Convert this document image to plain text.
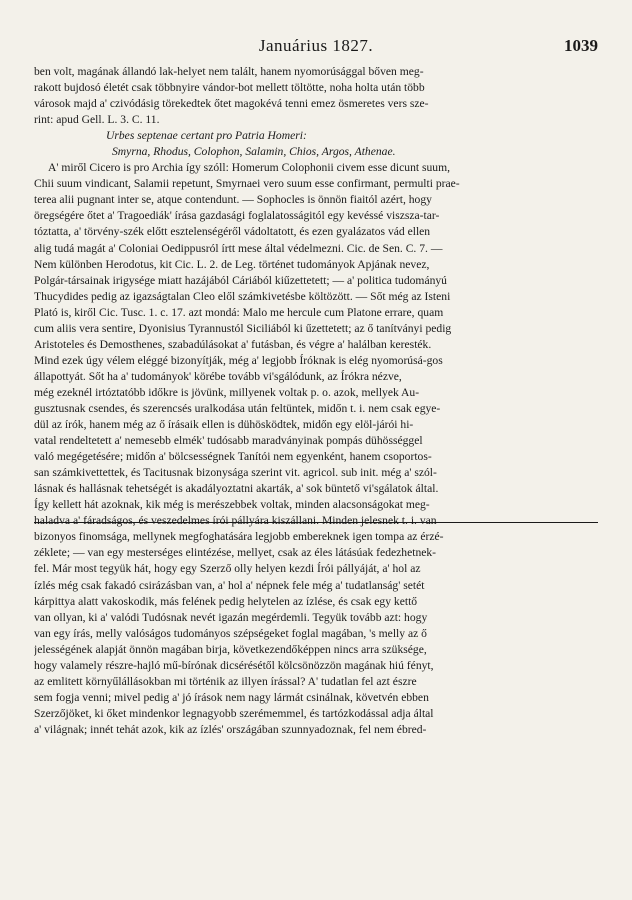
Januárius 1827.	1039
ben volt, magának állandó lak-helyet nem talált, hanem nyomorúsággal bőven meg-
rakott bujdosó életét csak többnyire vándor-bot mellett töltötte, noha holta után több
városok majd a' czivódásig törekedtek őtet magokévá tenni emez ösmeretes vers sze-
rint: apud Gell. L. 3. C. 11.
Urbes septenae certant pro Patria Homeri:
Smyrna, Rhodus, Colophon, Salamin, Chios, Argos, Athenae.
A' miről Cicero is pro Archia így szóll: Homerum Colophonii civem esse dicunt suum,
Chii suum vindicant, Salamii repetunt, Smyrnaei vero suum esse confirmant, permulti prae-
terea alii pugnant inter se, atque contendunt. — Sophocles is önnön fiaitól azért, hogy
öregségére őtet a' Tragoediák' írása gazdasági foglalatosságitól egy kevéssé viszsza-tar-
tóztatta, a' törvény-szék előtt esztelenségéről vádoltatott, és ezen gyalázatos vád ellen
alig tudá magát a' Coloniai Oedippusról írtt mese által védelmezni. Cic. de Sen. C. 7. —
Nem különben Herodotus, kit Cic. L. 2. de Leg. történet tudományok Apjának nevez,
Polgár-társainak irigysége miatt hazájából Cáriából kiűzettetett; — a' politica tudományú
Thucydides pedig az igazságtalan Cleo elől számkivetésbe költözött. — Sőt még az Isteni
Plató is, kiről Cic. Tusc. 1. c. 17. azt mondá: Malo me hercule cum Platone errare, quam
cum aliis vera sentire, Dyonisius Tyrannustól Siciliából ki űzettetett; az ő tanítványi pedig
Aristoteles és Demosthenes, szabadúlásokat a' futásban, és végre a' halálban keresték.
Mind ezek úgy vélem eléggé bizonyítják, még a' legjobb Íróknak is elég nyomorúsá-gos
állapottyát. Sőt ha a' tudományok' körébe tovább vi'sgálódunk, az Írókra nézve,
még ezeknél irtóztatóbb időkre is jövünk, millyenek voltak p. o. azok, mellyek Au-
gusztusnak csendes, és szerencsés uralkodása után feltüntek, midőn t. i. nem csak egye-
dül az írók, hanem még az ő írásaik ellen is dühösködtek, midőn egy elöl-járói hi-
vatal rendeltetett a' nemesebb elmék' tudósabb maradványinak pompás dühösséggel
való megégetésére; midőn a' bölcsességnek Tanítói nem egyenként, hanem csoportos-
san számkivettettek, és Tacitusnak bizonysága szerint vit. agricol. sub init. még a' szól-
lásnak és hallásnak tehetségét is akadályoztatni akarták, a' sok büntető vi'sgálatok által.
Így kellett hát azoknak, kik még is merészebbek voltak, minden alacsonságokat meg-
haladva a' fáradságos, és veszedelmes írói pállyára kiszállani. Minden jelesnek t. i. van
bizonyos finomsága, mellynek megfoghatására legjobb embereknek igen tompa az érzé-
zéklete; — van egy mesterséges elintézése, mellyet, csak az éles látásúak fedezhetnek-
fel. Már most tegyük hát, hogy egy Szerző olly helyen kezdi Írói pállyáját, a' hol az
ízlés még csak fakadó csirázásban van, a' hol a' népnek fele még a' tudatlanság' setét
kárpittya alatt vakoskodik, más felének pedig helytelen az ízlése, és csak egy kettő
van ollyan, ki a' valódi Tudósnak nevét igazán megérdemli. Tegyük tovább azt: hogy
van egy írás, melly valóságos tudományos szépségeket foglal magában, 's melly az ő
jelességének alapját önnön magában birja, következendőképpen nincs arra szüksége,
hogy valamely részre-hajló mű-bírónak dicsérésétől kölcsönözzön magának hiú fényt,
az emlitett környűlállásokban mi történik az illyen írással? A' tudatlan fel azt észre
sem fogja venni; mivel pedig a' jó írások nem nagy lármát csinálnak, követvén ebben
Szerzőjöket, ki őket mindenkor legnagyobb szerémemmel, és tartózkodással adja által
a' világnak; innét tehát azok, kik az ízlés' országában szunnyadoznak, fel nem ébred-
